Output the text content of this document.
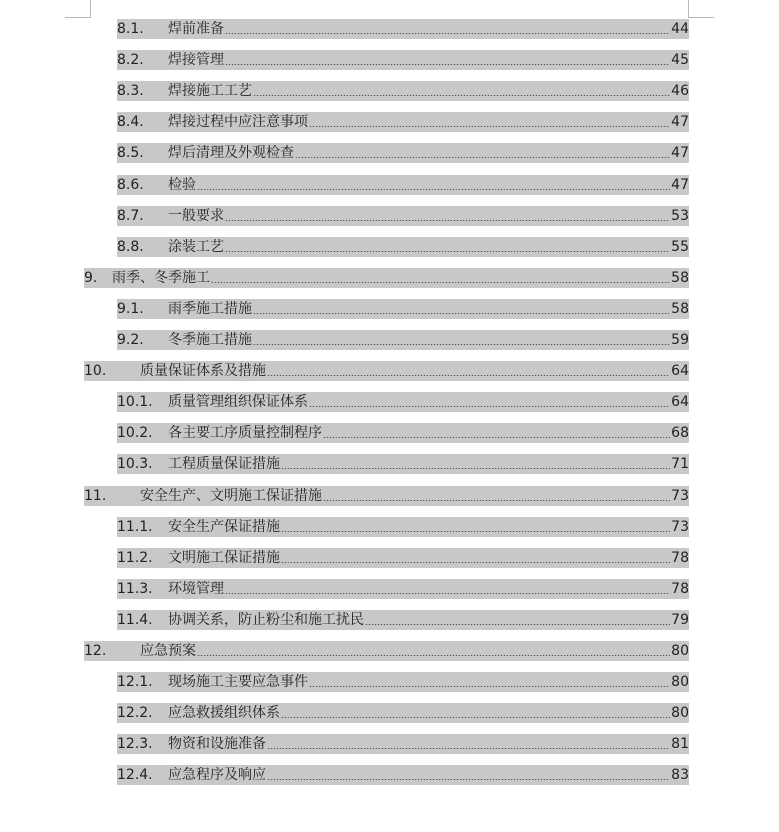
8.1.	焊前准备	44
8.2.	焊接管理	45
8.3.	焊接施工工艺	46
8.4.	焊接过程中应注意事项	47
8.5.	焊后清理及外观检查	47
8.6.	检验	47
8.7.	一般要求	53
8.8.	涂装工艺	55
9.	雨季、冬季施工	58
9.1.	雨季施工措施	58
9.2.	冬季施工措施	59
10.	质量保证体系及措施	64
10.1.	质量管理组织保证体系	64
10.2.	各主要工序质量控制程序	68
10.3.	工程质量保证措施	71
11.	安全生产、文明施工保证措施	73
11.1.	安全生产保证措施	73
11.2.	文明施工保证措施	78
11.3.	环境管理	78
11.4.	协调关系，防止粉尘和施工扰民	79
12.	应急预案	80
12.1.	现场施工主要应急事件	80
12.2.	应急救援组织体系	80
12.3.	物资和设施准备	81
12.4.	应急程序及响应	83
